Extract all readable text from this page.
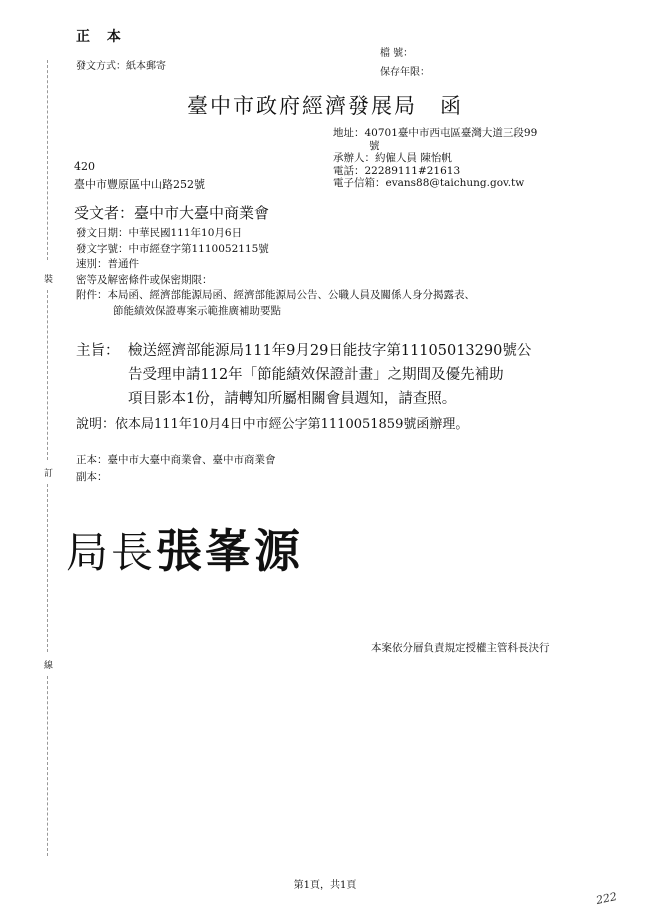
正 本
發文方式：紙本郵寄
檔 號：
保存年限：
臺中市政府經濟發展局　函
地址：40701臺中市西屯區臺灣大道三段99
號
承辦人：約僱人員 陳怡帆
電話：22289111#21613
電子信箱：evans88@taichung.gov.tw
420
臺中市豐原區中山路252號
受文者：臺中市大臺中商業會
發文日期：中華民國111年10月6日
發文字號：中市經登字第1110052115號
速別：普通件
密等及解密條件或保密期限：
附件：本局函、經濟部能源局函、經濟部能源局公告、公職人員及關係人身分揭露表、
節能績效保證專案示範推廣補助要點
主旨： 檢送經濟部能源局111年9月29日能技字第11105013290號公
告受理申請112年「節能績效保證計畫」之期間及優先補助
項目影本1份，請轉知所屬相關會員週知，請查照。
說明：依本局111年10月4日中市經公字第1110051859號函辦理。
正本：臺中市大臺中商業會、臺中市商業會
副本：
局長張峯源
本案依分層負責規定授權主管科長決行
裝
訂
線
第1頁，共1頁
222
